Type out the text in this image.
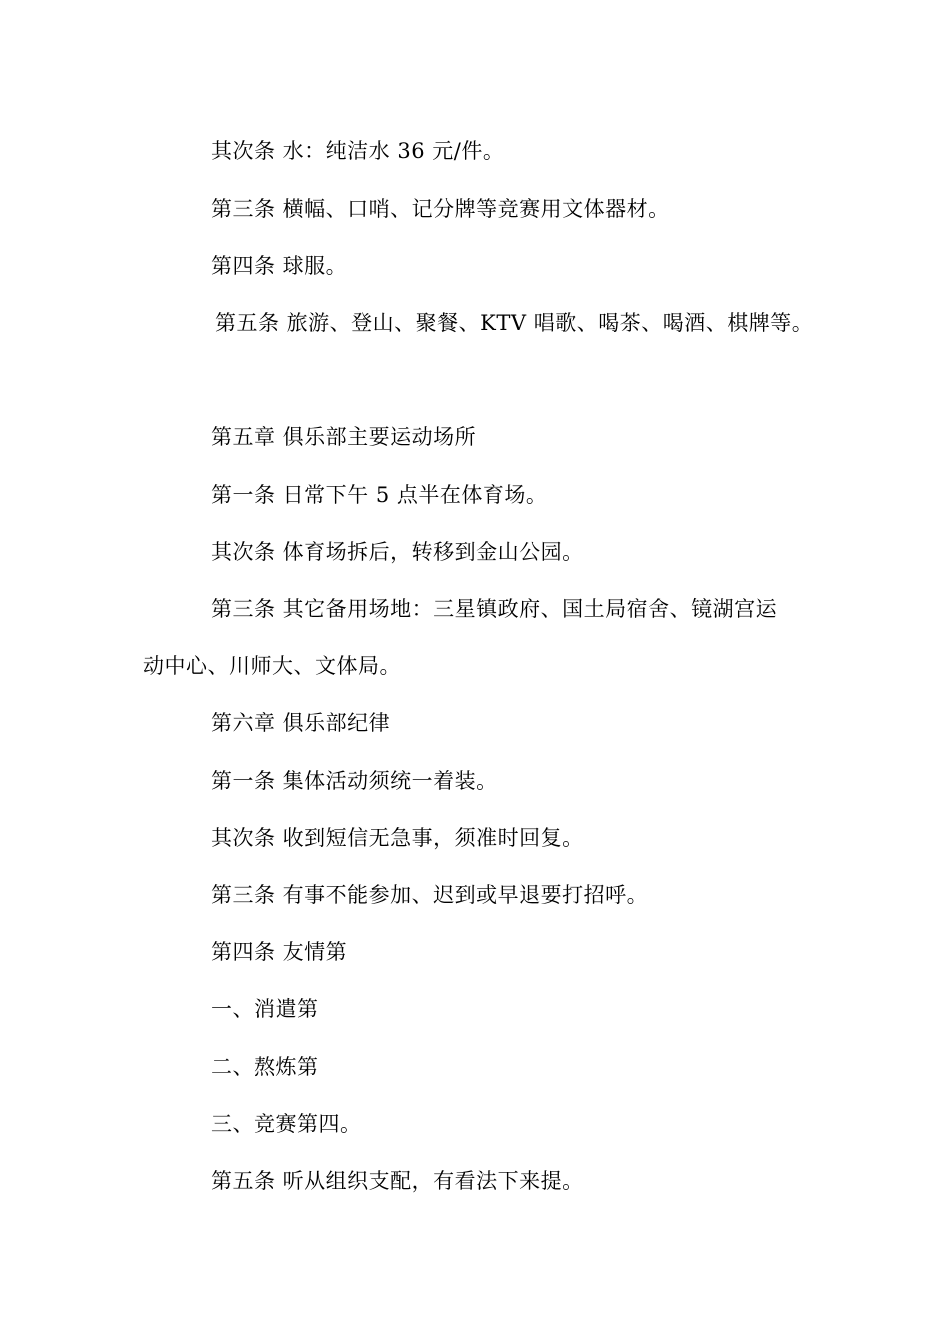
其次条 水：纯洁水 36 元/件。
第三条 横幅、口哨、记分牌等竞赛用文体器材。
第四条 球服。
第五条 旅游、登山、聚餐、KTV 唱歌、喝茶、喝酒、棋牌等。
第五章 俱乐部主要运动场所
第一条 日常下午 5 点半在体育场。
其次条 体育场拆后，转移到金山公园。
第三条 其它备用场地：三星镇政府、国土局宿舍、镜湖宫运
动中心、川师大、文体局。
第六章 俱乐部纪律
第一条 集体活动须统一着装。
其次条 收到短信无急事，须准时回复。
第三条 有事不能参加、迟到或早退要打招呼。
第四条 友情第
一、消遣第
二、熬炼第
三、竞赛第四。
第五条 听从组织支配，有看法下来提。
